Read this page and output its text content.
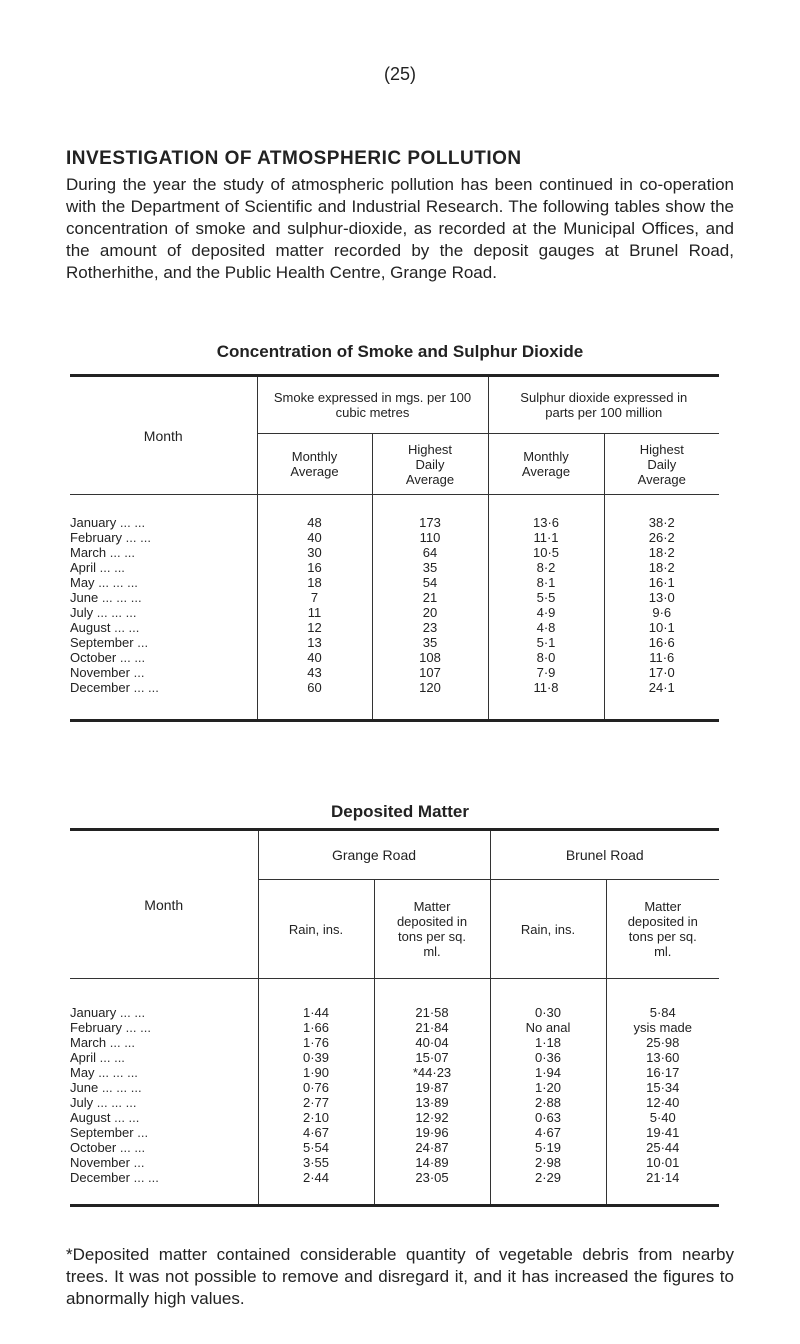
(25)
INVESTIGATION OF ATMOSPHERIC POLLUTION

During the year the study of atmospheric pollution has been continued in co-operation with the Department of Scientific and Industrial Research. The following tables show the concentration of smoke and sulphur-dioxide, as recorded at the Municipal Offices, and the amount of deposited matter recorded by the deposit gauges at Brunel Road, Rotherhithe, and the Public Health Centre, Grange Road.

Concentration of Smoke and Sulphur Dioxide
Month	Smoke expressed in mgs. per 100 cubic metres		Sulphur dioxide expressed in parts per 100 million	
	Monthly Average	Highest Daily Average	Monthly Average	Highest Daily Average

January ... ...	48	173	13·6	38·2
February ... ...	40	110	11·1	26·2
March ... ...	30	64	10·5	18·2
April ... ...	16	35	8·2	18·2
May ... ... ...	18	54	8·1	16·1
June ... ... ...	7	21	5·5	13·0
July ... ... ...	11	20	4·9	9·6
August ... ...	12	23	4·8	10·1
September ...	13	35	5·1	16·6
October ... ...	40	108	8·0	11·6
November ...	43	107	7·9	17·0
December ... ...	60	120	11·8	24·1

Deposited Matter
Month	Grange Road		Brunel Road	
	Rain, ins.	Matter deposited in tons per sq. ml.	Rain, ins.	Matter deposited in tons per sq. ml.

January ... ...	1·44	21·58	0·30	5·84
February ... ...	1·66	21·84	No anal	ysis made
March ... ...	1·76	40·04	1·18	25·98
April ... ...	0·39	15·07	0·36	13·60
May ... ... ...	1·90	*44·23	1·94	16·17
June ... ... ...	0·76	19·87	1·20	15·34
July ... ... ...	2·77	13·89	2·88	12·40
August ... ...	2·10	12·92	0·63	5·40
September ...	4·67	19·96	4·67	19·41
October ... ...	5·54	24·87	5·19	25·44
November ...	3·55	14·89	2·98	10·01
December ... ...	2·44	23·05	2·29	21·14

*Deposited matter contained considerable quantity of vegetable debris from nearby trees. It was not possible to remove and disregard it, and it has increased the figures to abnormally high values.
